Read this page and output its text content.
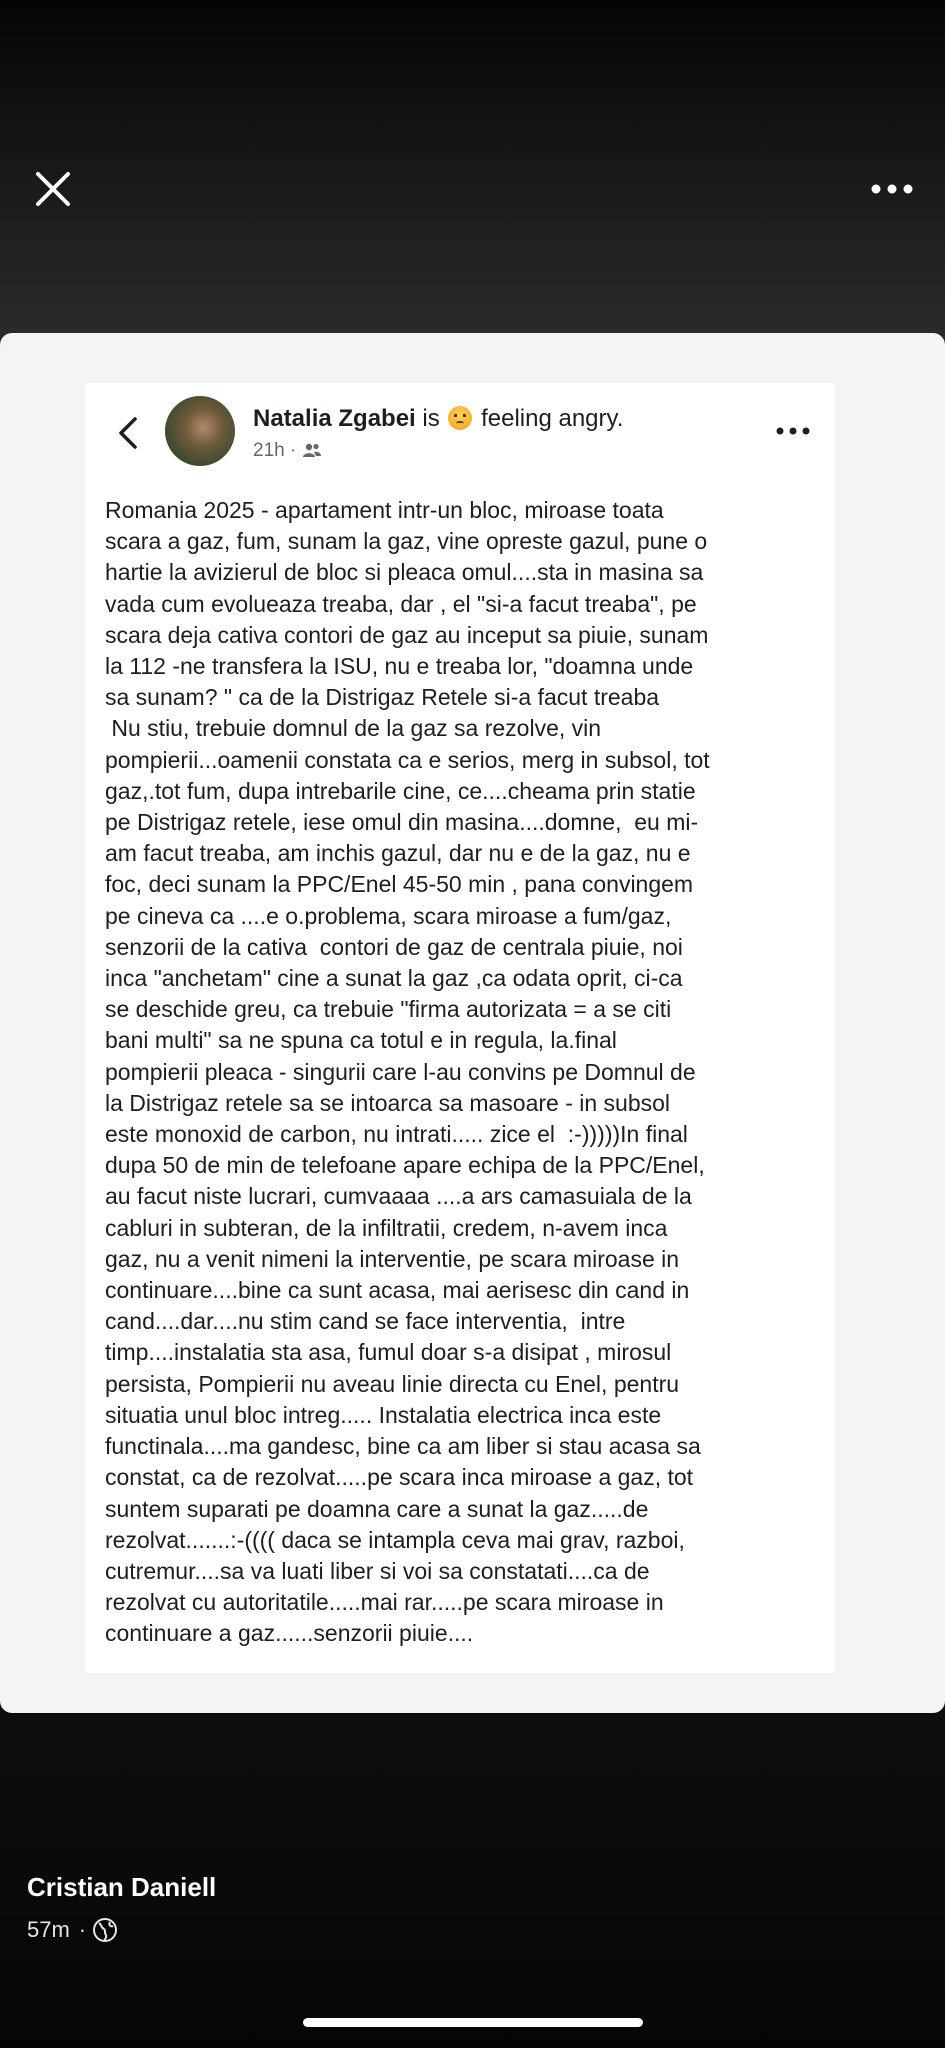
Natalia Zgabei is feeling angry.
21h ·
Romania 2025 - apartament intr-un bloc, miroase toata
scara a gaz, fum, sunam la gaz, vine opreste gazul, pune o
hartie la avizierul de bloc si pleaca omul....sta in masina sa
vada cum evolueaza treaba, dar , el "si-a facut treaba", pe
scara deja cativa contori de gaz au inceput sa piuie, sunam
la 112 -ne transfera la ISU, nu e treaba lor, "doamna unde
sa sunam? " ca de la Distrigaz Retele si-a facut treaba
Nu stiu, trebuie domnul de la gaz sa rezolve, vin
pompierii...oamenii constata ca e serios, merg in subsol, tot
gaz,.tot fum, dupa intrebarile cine, ce....cheama prin statie
pe Distrigaz retele, iese omul din masina....domne,  eu mi-
am facut treaba, am inchis gazul, dar nu e de la gaz, nu e
foc, deci sunam la PPC/Enel 45-50 min , pana convingem
pe cineva ca ....e o.problema, scara miroase a fum/gaz,
senzorii de la cativa  contori de gaz de centrala piuie, noi
inca "anchetam" cine a sunat la gaz ,ca odata oprit, ci-ca
se deschide greu, ca trebuie "firma autorizata = a se citi
bani multi" sa ne spuna ca totul e in regula, la.final
pompierii pleaca - singurii care l-au convins pe Domnul de
la Distrigaz retele sa se intoarca sa masoare - in subsol
este monoxid de carbon, nu intrati..... zice el  :-)))))In final
dupa 50 de min de telefoane apare echipa de la PPC/Enel,
au facut niste lucrari, cumvaaaa ....a ars camasuiala de la
cabluri in subteran, de la infiltratii, credem, n-avem inca
gaz, nu a venit nimeni la interventie, pe scara miroase in
continuare....bine ca sunt acasa, mai aerisesc din cand in
cand....dar....nu stim cand se face interventia,  intre
timp....instalatia sta asa, fumul doar s-a disipat , mirosul
persista, Pompierii nu aveau linie directa cu Enel, pentru
situatia unul bloc intreg..... Instalatia electrica inca este
functinala....ma gandesc, bine ca am liber si stau acasa sa
constat, ca de rezolvat.....pe scara inca miroase a gaz, tot
suntem suparati pe doamna care a sunat la gaz.....de
rezolvat.......:-(((( daca se intampla ceva mai grav, razboi,
cutremur....sa va luati liber si voi sa constatati....ca de
rezolvat cu autoritatile.....mai rar.....pe scara miroase in
continuare a gaz......senzorii piuie....
Cristian Daniell
57m ·
